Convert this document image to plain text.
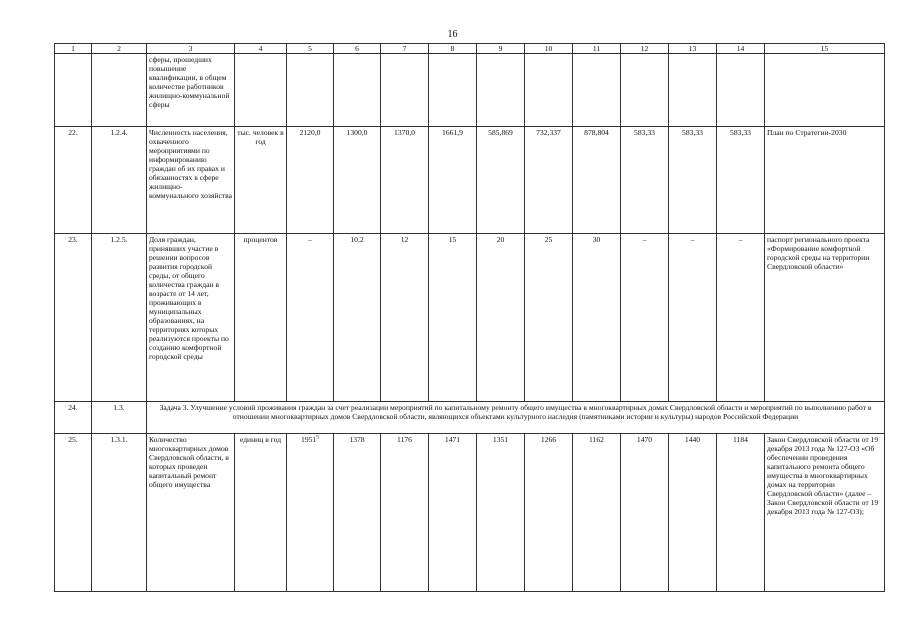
16
1	2	3	4	5	6	7	8	9	10	11	12	13	14	15
		сферы, прошедших повышение квалификации, в общем количестве работников жилищно-коммунальной сферы												
22.	1.2.4.	Численность населения, охваченного мероприятиями по информированию граждан об их правах и обязанностях в сфере жилищно-коммунального хозяйства	тыс. человек в год	2120,0	1300,0	1370,0	1661,9	585,869	732,337	878,804	583,33	583,33	583,33	План по Стратегии-2030
23.	1.2.5.	Доля граждан, принявших участие в решении вопросов развития городской среды, от общего количества граждан в возрасте от 14 лет, проживающих в муниципальных образованиях, на территориях которых реализуются проекты по созданию комфортной городской среды	процентов	–	10,2	12	15	20	25	30	–	–	–	паспорт регионального проекта «Формирование комфортной городской среды на территории Свердловской области»
24.	1.3.	Задача 3. Улучшение условий проживания граждан за счет реализации мероприятий по капитальному ремонту общего имущества в многоквартирных домах Свердловской области и мероприятий по выполнению работ в отношении многоквартирных домов Свердловской области, являющихся объектами культурного наследия (памятниками истории и культуры) народов Российской Федерации												
25.	1.3.1.	Количество многоквартирных домов Свердловской области, в которых проведен капитальный ремонт общего имущества	единиц в год	1951$^5$	1378	1176	1471	1351	1266	1162	1470	1440	1184	Закон Свердловской области от 19 декабря 2013 года № 127-ОЗ «Об обеспечении проведения капитального ремонта общего имущества в многоквартирных домах на территории Свердловской области» (далее – Закон Свердловской области от 19 декабря 2013 года № 127-ОЗ);
